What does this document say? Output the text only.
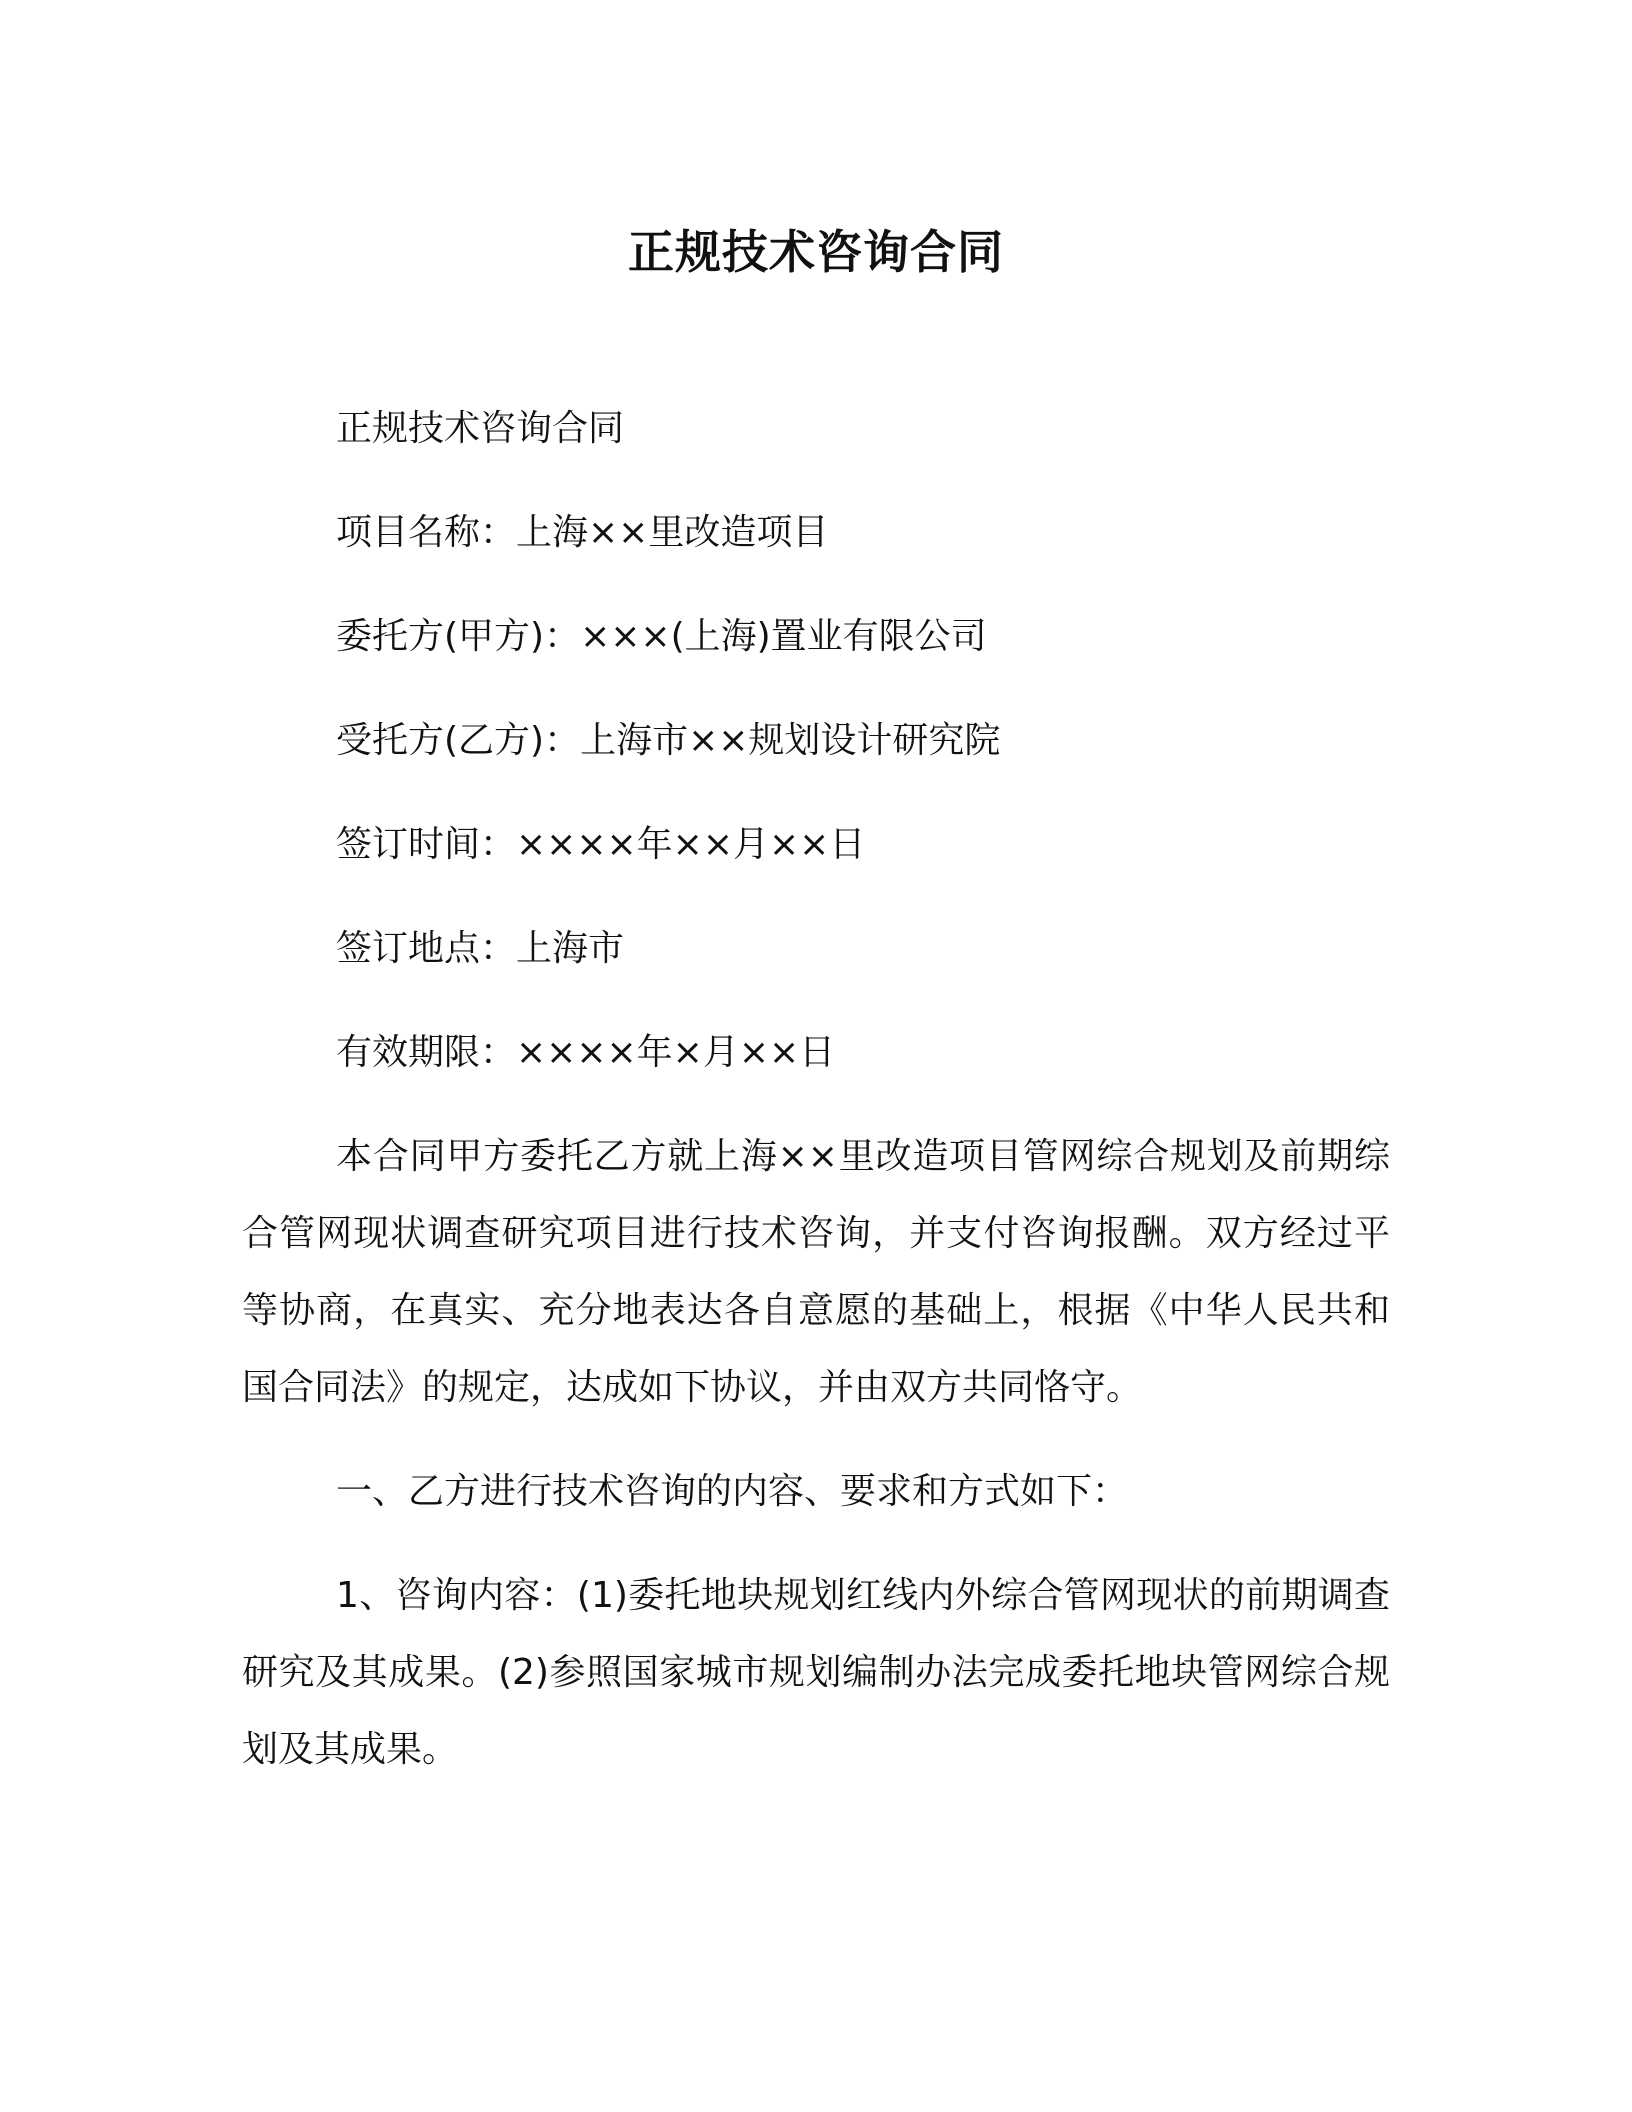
正规技术咨询合同
正规技术咨询合同
项目名称：上海××里改造项目
委托方(甲方)：×××(上海)置业有限公司
受托方(乙方)：上海市××规划设计研究院
签订时间：××××年××月××日
签订地点：上海市
有效期限：××××年×月××日
本合同甲方委托乙方就上海××里改造项目管网综合规划及前期综合管网现状调查研究项目进行技术咨询，并支付咨询报酬。双方经过平等协商，在真实、充分地表达各自意愿的基础上，根据《中华人民共和国合同法》的规定，达成如下协议，并由双方共同恪守。
一、乙方进行技术咨询的内容、要求和方式如下：
1、咨询内容：(1)委托地块规划红线内外综合管网现状的前期调查研究及其成果。(2)参照国家城市规划编制办法完成委托地块管网综合规划及其成果。
